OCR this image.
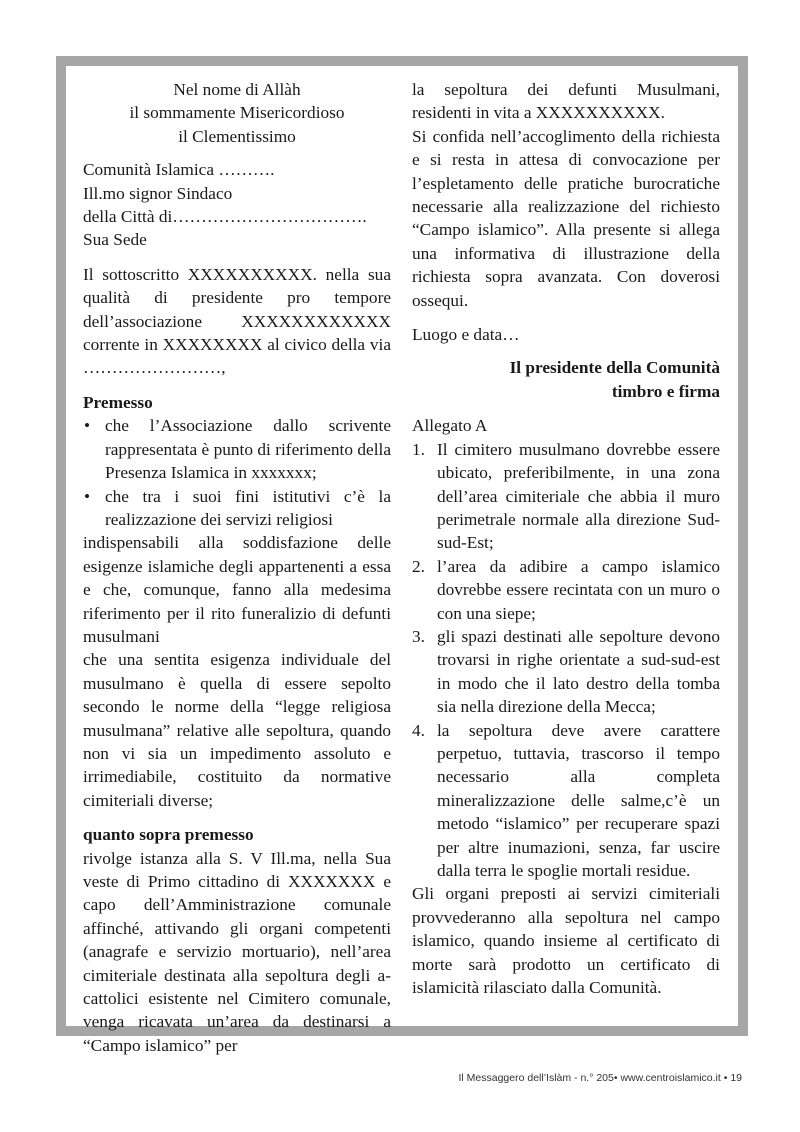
Nel nome di Allàh

il sommamente Misericordioso

il Clementissimo

Comunità Islamica ……….

Ill.mo signor Sindaco

della Città di…………………………….

Sua Sede

Il sottoscritto XXXXXXXXXX. nella sua qualità di presidente pro tempore dell’associazione XXXXXXXXXXXX corrente in XXXXXXXX al civico della via ……………………,

Premesso

• che l’Associazione dallo scrivente rappresentata è punto di riferimento della Presenza Islamica in xxxxxxx;
• che tra i suoi fini istitutivi c’è la realizzazione dei servizi religiosi

indispensabili alla soddisfazione delle esigenze islamiche degli appartenenti a essa e che, comunque, fanno alla medesima riferimento per il rito funeralizio di defunti musulmani

che una sentita esigenza individuale del musulmano è quella di essere sepolto secondo le norme della “legge religiosa musulmana” relative alle sepoltura, quando non vi sia un impedimento assoluto e irrimediabile, costituito da normative cimiteriali diverse;

quanto sopra premesso

rivolge istanza alla S. V Ill.ma, nella Sua veste di Primo cittadino di XXXXXXX e capo dell’Amministrazione comunale affinché, attivando gli organi competenti (anagrafe e servizio mortuario), nell’area cimiteriale destinata alla sepoltura degli a-cattolici esistente nel Cimitero comunale, venga ricavata un’area da destinarsi a “Campo islamico” per

la sepoltura dei defunti Musulmani, residenti in vita a XXXXXXXXXX.

Si confida nell’accoglimento della richiesta e si resta in attesa di convocazione per l’espletamento delle pratiche burocratiche necessarie alla realizzazione del richiesto “Campo islamico”. Alla presente si allega una informativa di illustrazione della richiesta sopra avanzata. Con doverosi ossequi.

Luogo e data…

Il presidente della Comunità

timbro e firma

Allegato A

1. Il cimitero musulmano dovrebbe essere ubicato, preferibilmente, in una zona dell’area cimiteriale che abbia il muro perimetrale normale alla direzione Sud-sud-Est;
2. l’area da adibire a campo islamico dovrebbe essere recintata con un muro o con una siepe;
3. gli spazi destinati alle sepolture devono trovarsi in righe orientate a sud-sud-est in modo che il lato destro della tomba sia nella direzione della Mecca;
4. la sepoltura deve avere carattere perpetuo, tuttavia, trascorso il tempo necessario alla completa mineralizzazione delle salme,c’è un metodo “islamico” per recuperare spazi per altre inumazioni, senza, far uscire dalla terra le spoglie mortali residue.

Gli organi preposti ai servizi cimiteriali provvederanno alla sepoltura nel campo islamico, quando insieme al certificato di morte sarà prodotto un certificato di islamicità rilasciato dalla Comunità.

Il Messaggero dell’Islàm - n.° 205• www.centroislamico.it • 19
